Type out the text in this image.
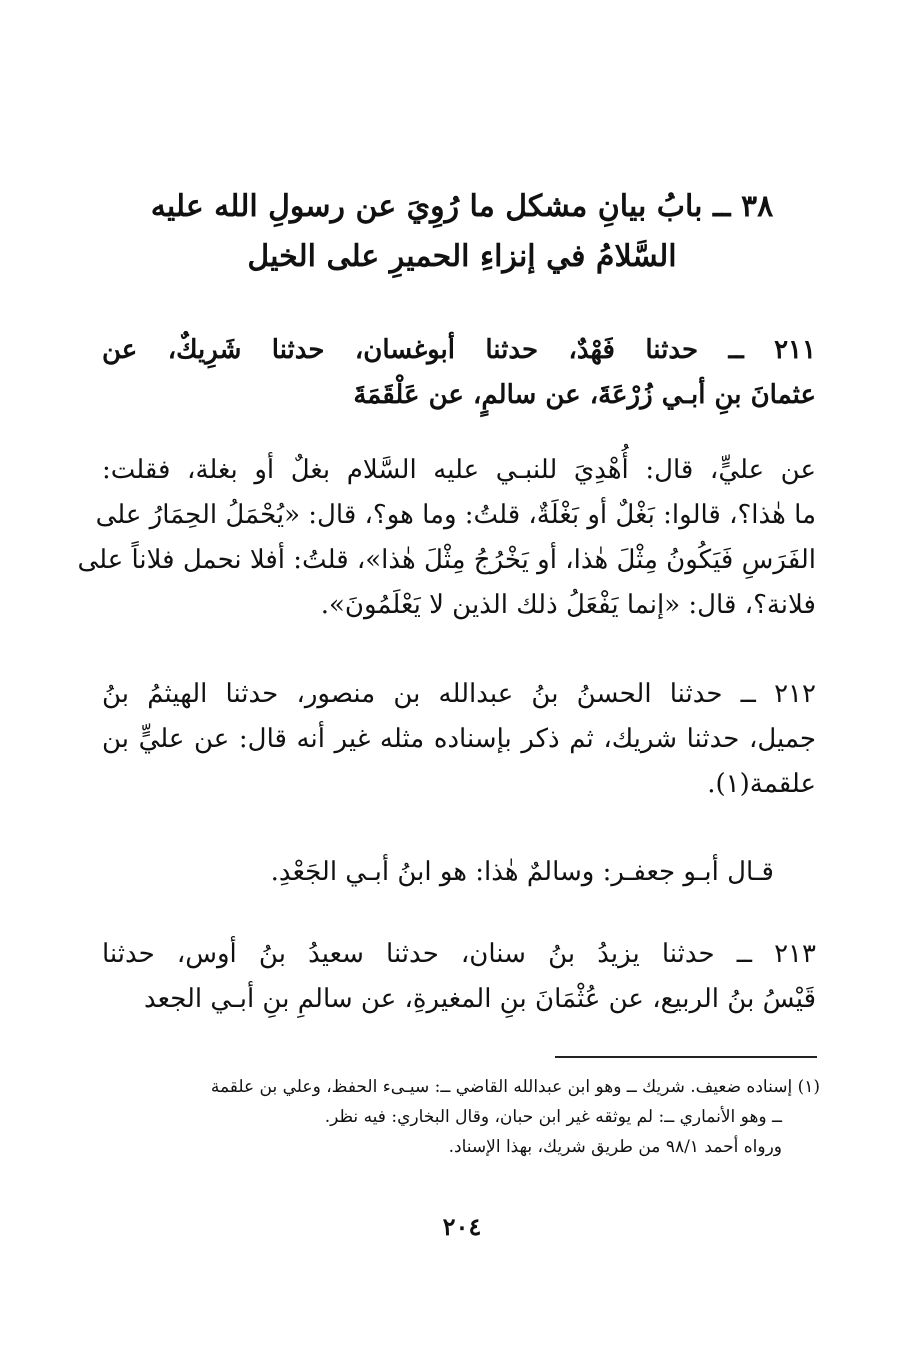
٣٨ ــ بابُ بيانِ مشكل ما رُوِيَ عن رسولِ الله عليه
السَّلامُ في إنزاءِ الحميرِ على الخيل
٢١١ ــ حدثنا فَهْدٌ، حدثنا أبوغسان، حدثنا شَرِيكٌ، عن
عثمانَ بنِ أبـي زُرْعَةَ، عن سالمٍ، عن عَلْقَمَةَ
عن عليٍّ، قال: أُهْدِيَ للنبـي عليه السَّلام بغلٌ أو بغلة، فقلت:
ما هٰذا؟، قالوا: بَغْلٌ أو بَغْلَةٌ، قلتُ: وما هو؟، قال: «يُحْمَلُ الحِمَارُ على
الفَرَسِ فَيَكُونُ مِثْلَ هٰذا، أو يَخْرُجُ مِثْلَ هٰذا»، قلتُ: أفلا نحمل فلاناً على
فلانة؟، قال: «إنما يَفْعَلُ ذلك الذين لا يَعْلَمُونَ».
٢١٢ ــ حدثنا الحسنُ بنُ عبدالله بن منصور، حدثنا الهيثمُ بنُ
جميل، حدثنا شريك، ثم ذكر بإسناده مثله غير أنه قال: عن عليٍّ بن
علقمة(١).
قـال أبـو جعفـر: وسالمٌ هٰذا: هو ابنُ أبـي الجَعْدِ.
٢١٣ ــ حدثنا يزيدُ بنُ سنان، حدثنا سعيدُ بنُ أوس، حدثنا
قَيْسُ بنُ الربيع، عن عُثْمَانَ بنِ المغيرةِ، عن سالمِ بنِ أبـي الجعد
(١) إسناده ضعيف. شريك ــ وهو ابن عبدالله القاضي ــ: سيـىء الحفظ، وعلي بن علقمة
ــ وهو الأنماري ــ: لم يوثقه غير ابن حبان، وقال البخاري: فيه نظر.
ورواه أحمد ٩٨/١ من طريق شريك، بهذا الإسناد.
٢٠٤
